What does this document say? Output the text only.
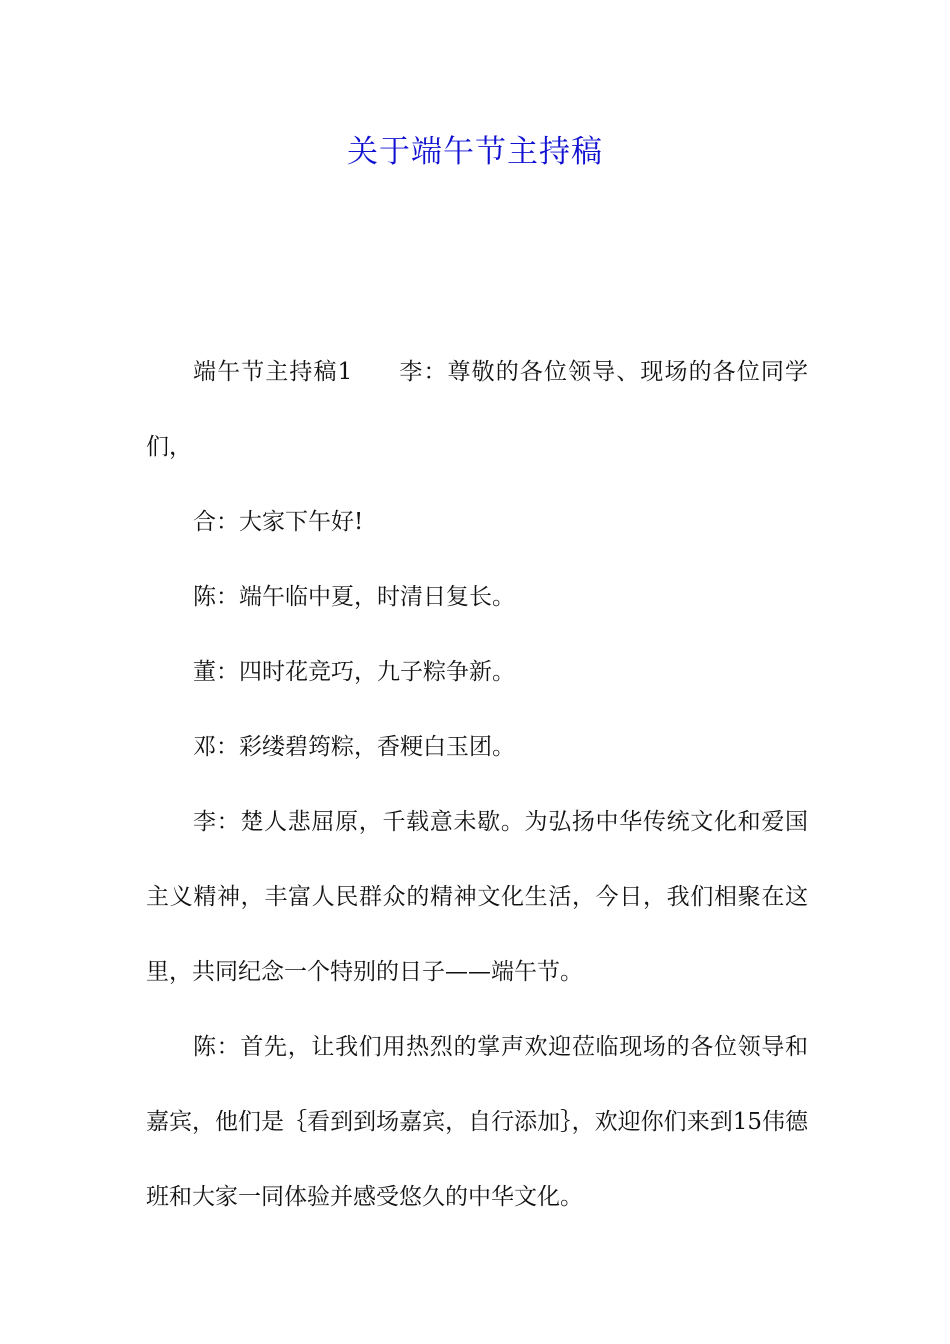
关于端午节主持稿

端午节主持稿1 李：尊敬的各位领导、现场的各位同学们，

合：大家下午好!

陈：端午临中夏，时清日复长。

董：四时花竞巧，九子粽争新。

邓：彩缕碧筠粽，香粳白玉团。

李：楚人悲屈原，千载意未歇。为弘扬中华传统文化和爱国主义精神，丰富人民群众的精神文化生活，今日，我们相聚在这里，共同纪念一个特别的日子——端午节。

陈：首先，让我们用热烈的掌声欢迎莅临现场的各位领导和嘉宾，他们是｛看到到场嘉宾，自行添加｝，欢迎你们来到15伟德班和大家一同体验并感受悠久的中华文化。
